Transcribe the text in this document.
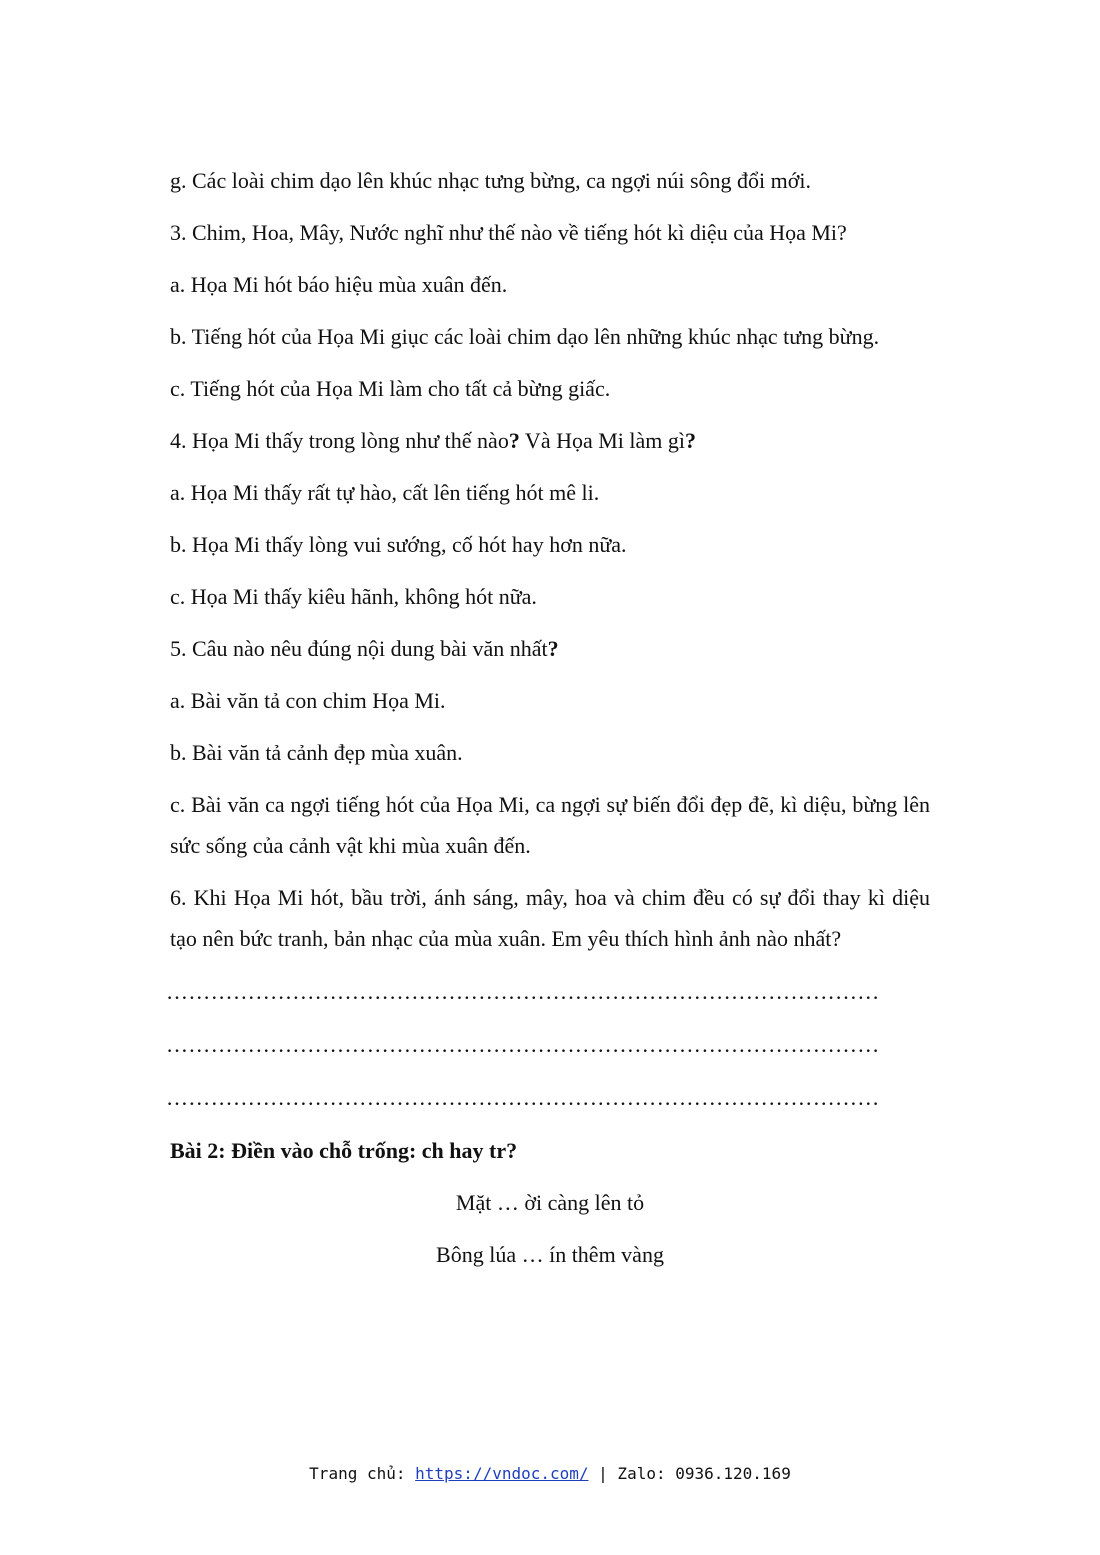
g. Các loài chim dạo lên khúc nhạc tưng bừng, ca ngợi núi sông đổi mới.

3. Chim, Hoa, Mây, Nước nghĩ như thế nào về tiếng hót kì diệu của Họa Mi?

a. Họa Mi hót báo hiệu mùa xuân đến.

b. Tiếng hót của Họa Mi giục các loài chim dạo lên những khúc nhạc tưng bừng.

c. Tiếng hót của Họa Mi làm cho tất cả bừng giấc.

4. Họa Mi thấy trong lòng như thế nào? Và Họa Mi làm gì?

a. Họa Mi thấy rất tự hào, cất lên tiếng hót mê li.

b. Họa Mi thấy lòng vui sướng, cố hót hay hơn nữa.

c. Họa Mi thấy kiêu hãnh, không hót nữa.

5. Câu nào nêu đúng nội dung bài văn nhất?

a. Bài văn tả con chim Họa Mi.

b. Bài văn tả cảnh đẹp mùa xuân.

c. Bài văn ca ngợi tiếng hót của Họa Mi, ca ngợi sự biến đổi đẹp đẽ, kì diệu, bừng lên sức sống của cảnh vật khi mùa xuân đến.

6. Khi Họa Mi hót, bầu trời, ánh sáng, mây, hoa và chim đều có sự đổi thay kì diệu tạo nên bức tranh, bản nhạc của mùa xuân. Em yêu thích hình ảnh nào nhất?

……………………………………………………………………………………
……………………………………………………………………………………
……………………………………………………………………………………
Bài 2: Điền vào chỗ trống: ch hay tr?
Mặt … ời càng lên tỏ
Bông lúa … ín thêm vàng
Trang chủ: https://vndoc.com/ | Zalo: 0936.120.169
